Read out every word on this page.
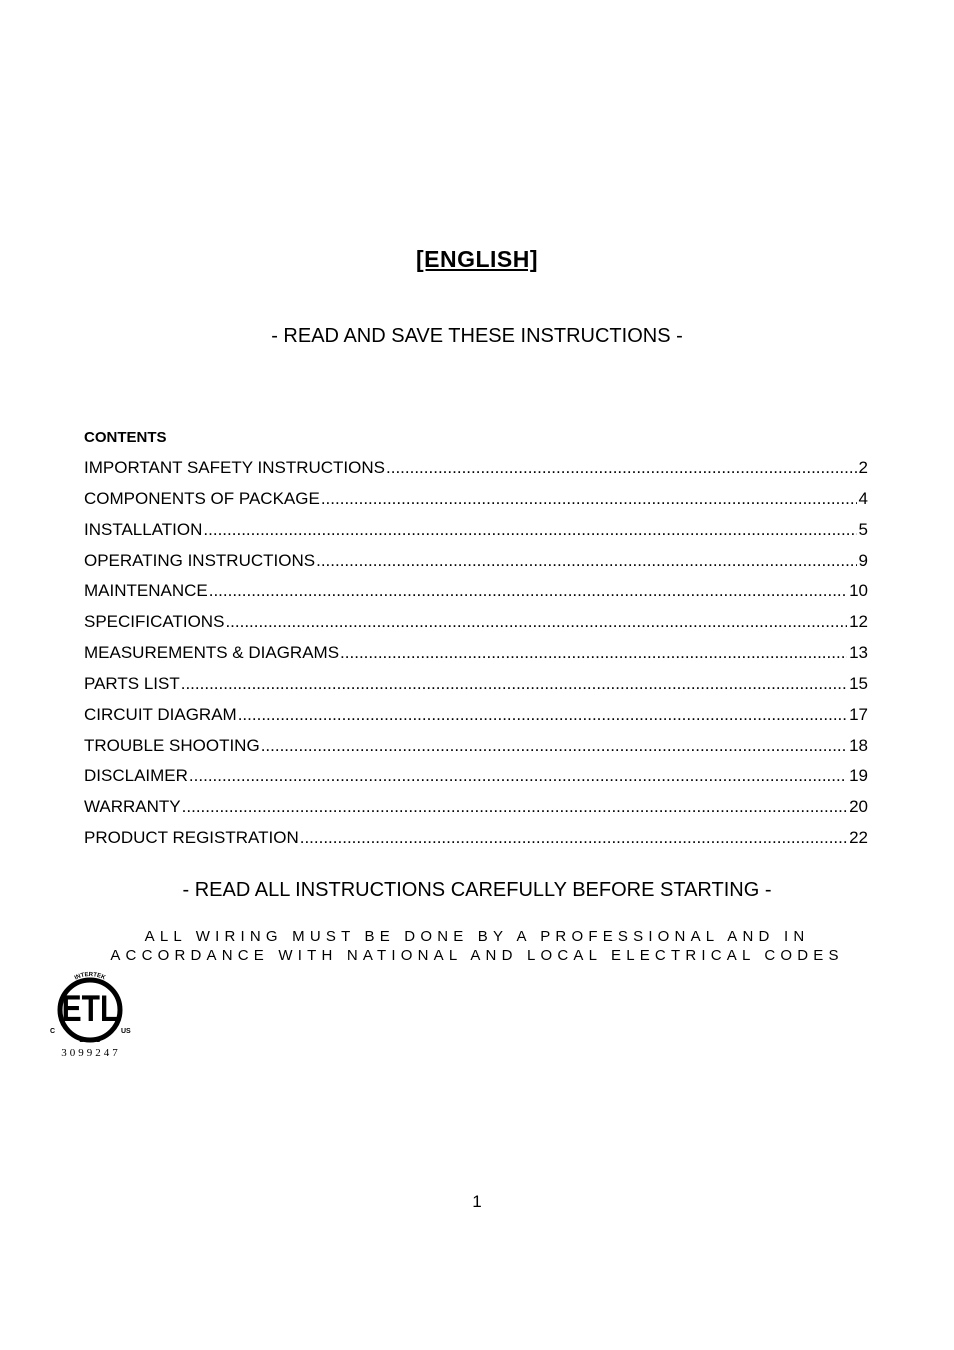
[ENGLISH]
- READ AND SAVE THESE INSTRUCTIONS -
CONTENTS
IMPORTANT SAFETY INSTRUCTIONS .....	2
COMPONENTS OF PACKAGE .....	4
INSTALLATION .....	5
OPERATING INSTRUCTIONS .....	9
MAINTENANCE .....	10
SPECIFICATIONS .....	12
MEASUREMENTS & DIAGRAMS .....	13
PARTS LIST .....	15
CIRCUIT DIAGRAM .....	17
TROUBLE SHOOTING .....	18
DISCLAIMER .....	19
WARRANTY .....	20
PRODUCT REGISTRATION .....	22
- READ ALL INSTRUCTIONS CAREFULLY BEFORE STARTING -
ALL WIRING MUST BE DONE BY A PROFESSIONAL AND IN
ACCORDANCE WITH NATIONAL AND LOCAL ELECTRICAL CODES
INTERTEK
ETL
LISTED
C	US
3099247
1
